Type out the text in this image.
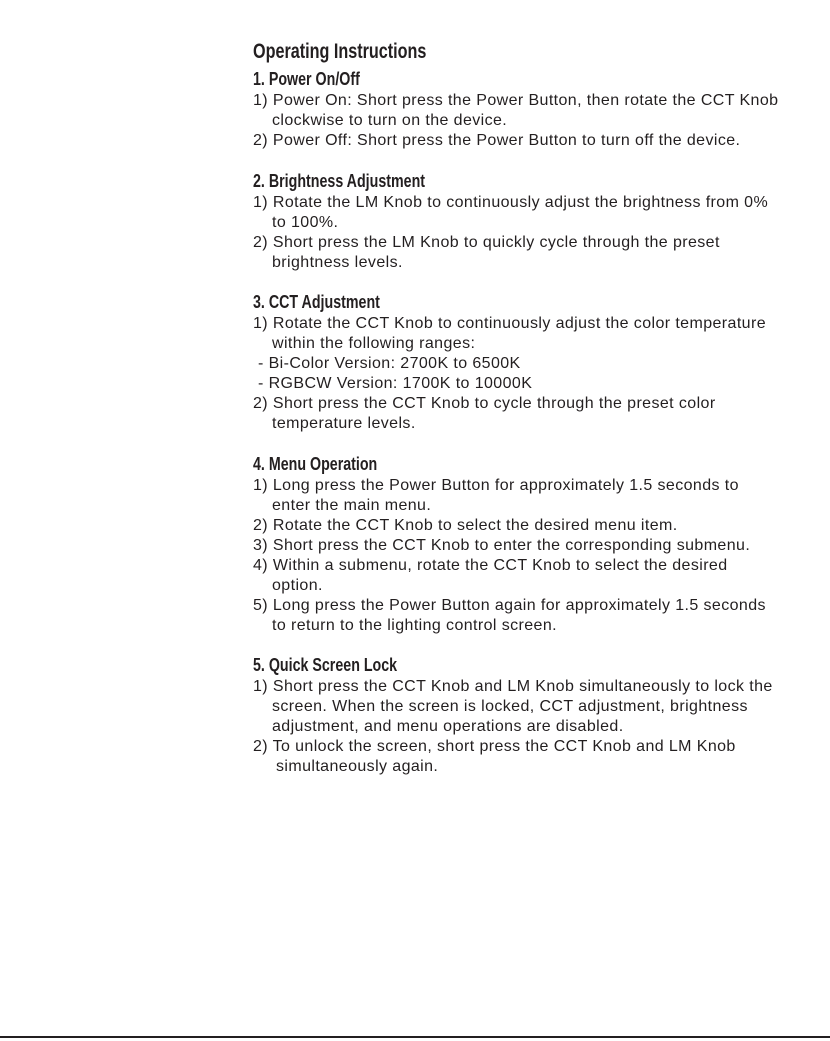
Operating Instructions
1. Power On/Off
1) Power On: Short press the Power Button, then rotate the CCT Knob
clockwise to turn on the device.
2) Power Off: Short press the Power Button to turn off the device.
2. Brightness Adjustment
1) Rotate the LM Knob to continuously adjust the brightness from 0%
to 100%.
2) Short press the LM Knob to quickly cycle through the preset
brightness levels.
3. CCT Adjustment
1) Rotate the CCT Knob to continuously adjust the color temperature
within the following ranges:
- Bi-Color Version: 2700K to 6500K
- RGBCW Version: 1700K to 10000K
2) Short press the CCT Knob to cycle through the preset color
temperature levels.
4. Menu Operation
1) Long press the Power Button for approximately 1.5 seconds to
enter the main menu.
2) Rotate the CCT Knob to select the desired menu item.
3) Short press the CCT Knob to enter the corresponding submenu.
4) Within a submenu, rotate the CCT Knob to select the desired
option.
5) Long press the Power Button again for approximately 1.5 seconds
to return to the lighting control screen.
5. Quick Screen Lock
1) Short press the CCT Knob and LM Knob simultaneously to lock the
screen. When the screen is locked, CCT adjustment, brightness
adjustment, and menu operations are disabled.
2) To unlock the screen, short press the CCT Knob and LM Knob
simultaneously again.
